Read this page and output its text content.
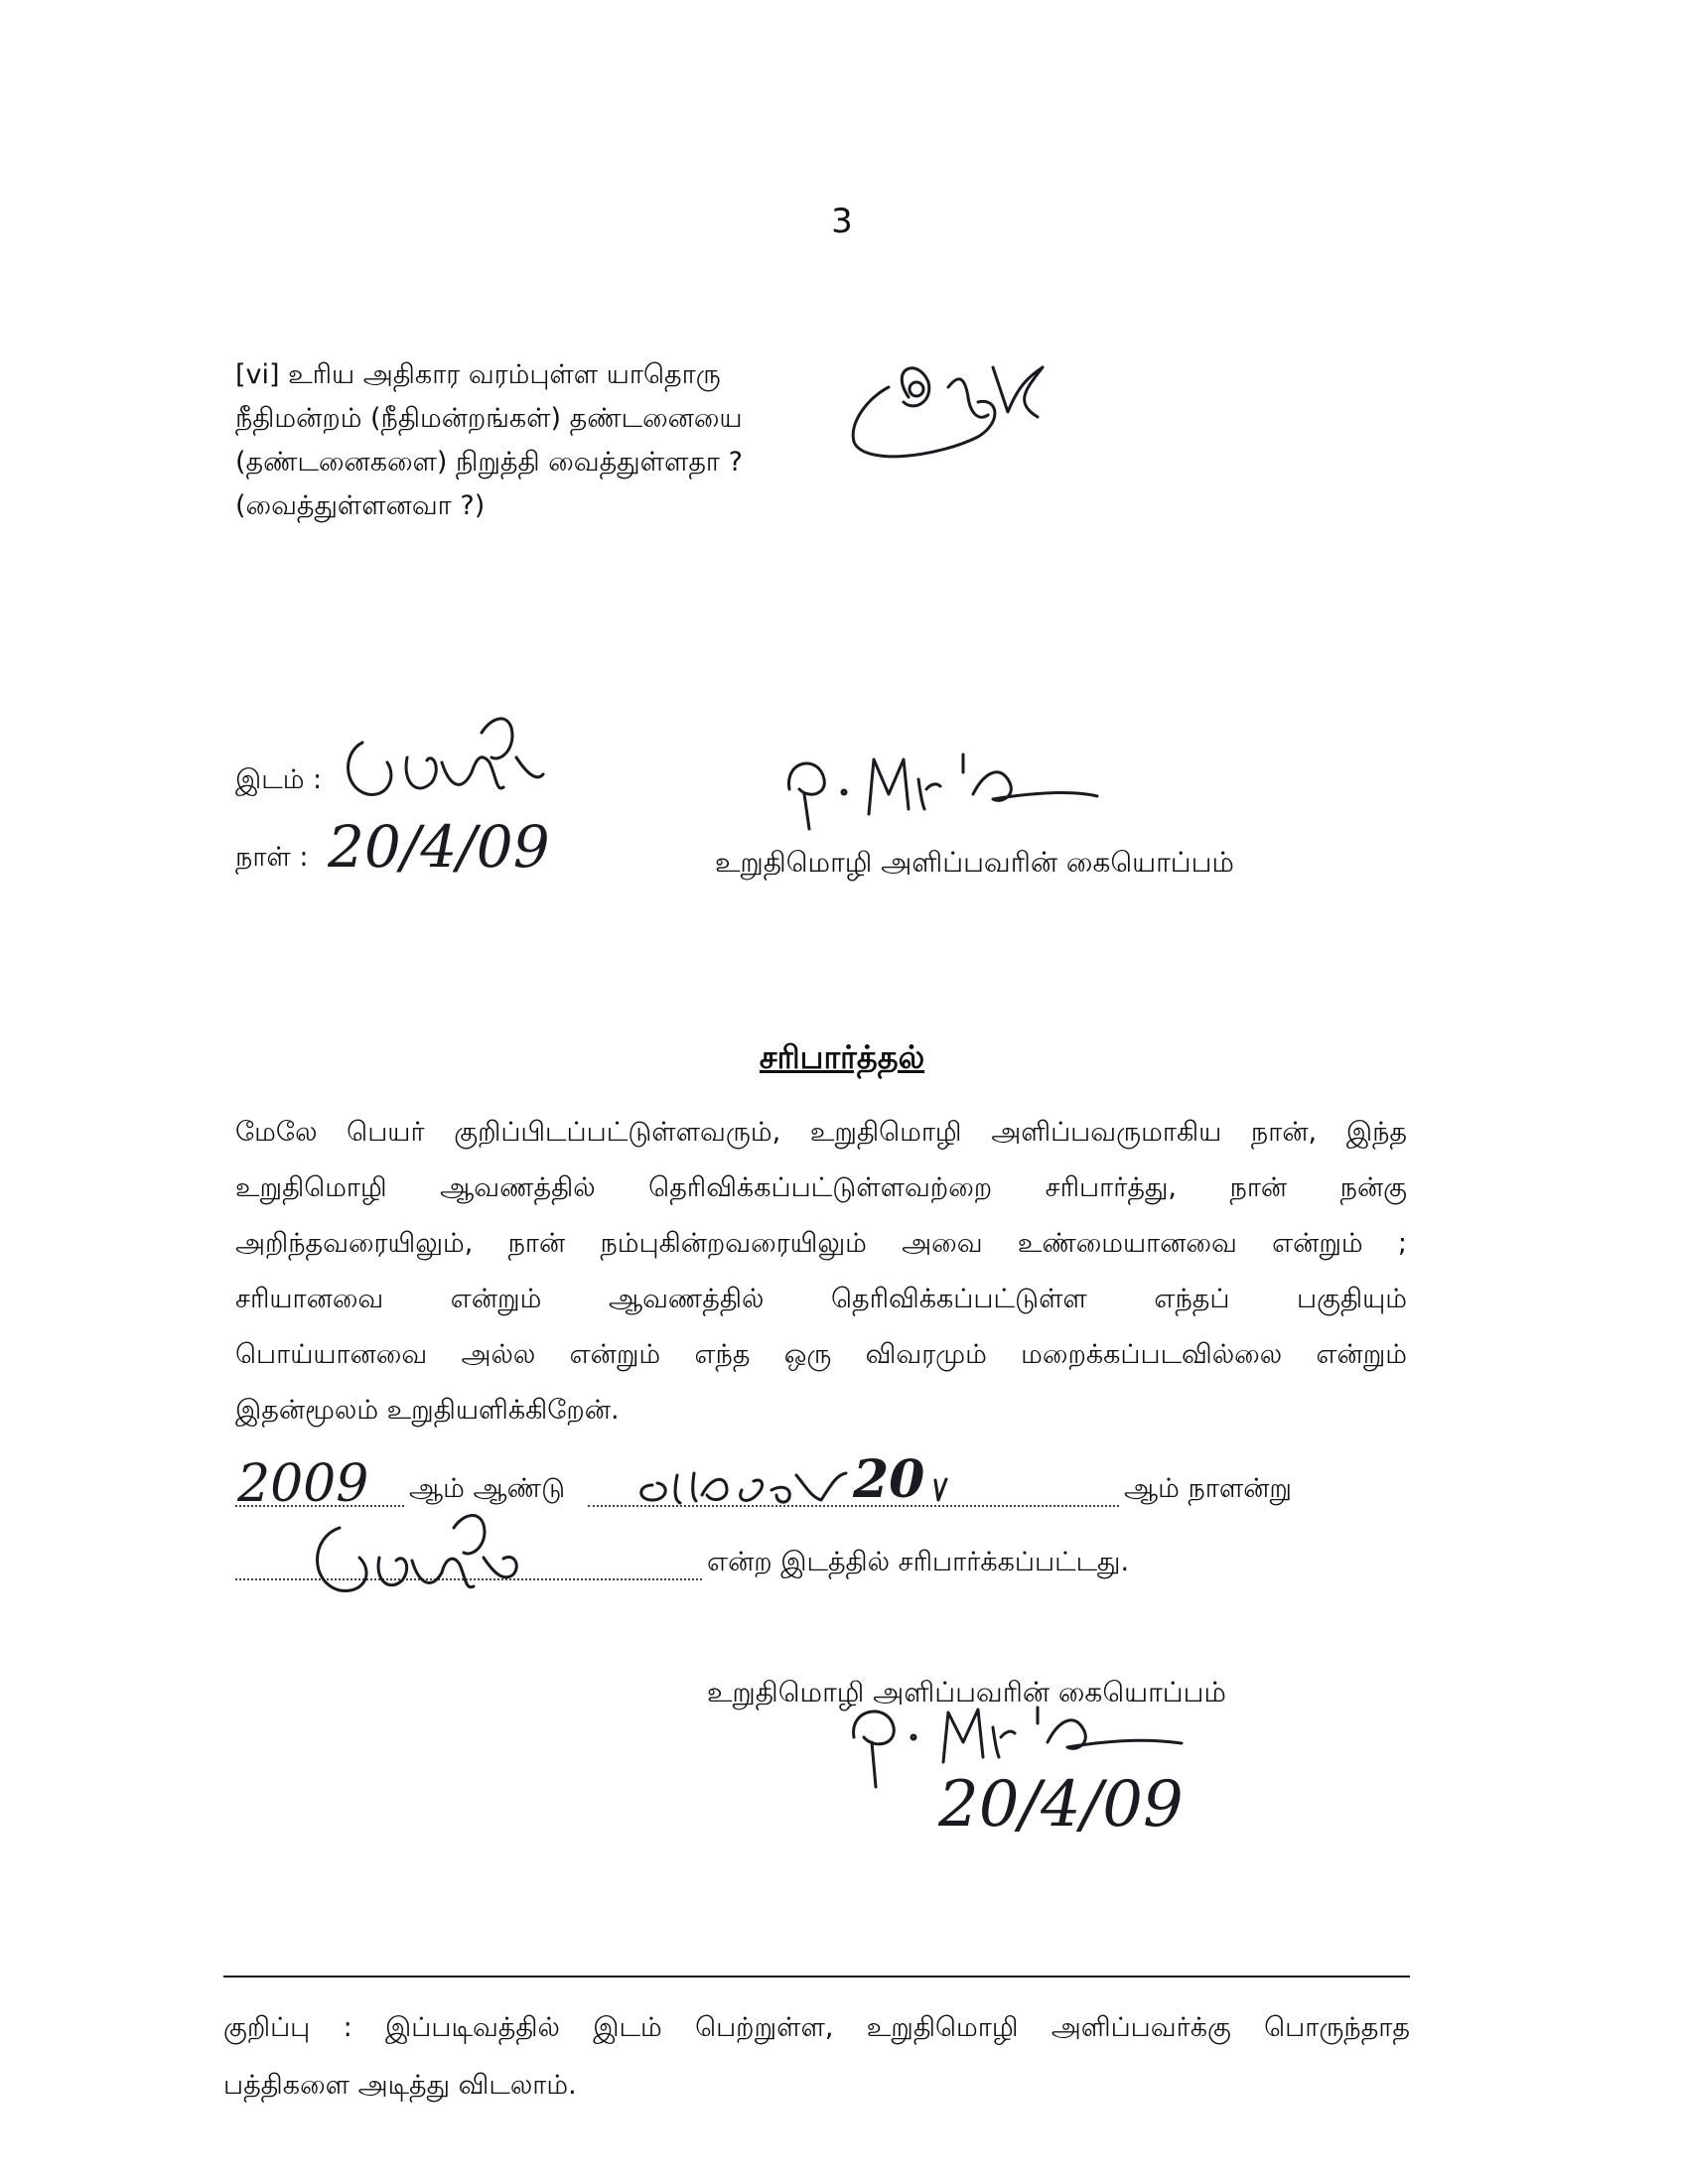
3
[vi] உரிய அதிகார வரம்புள்ள யாதொரு
நீதிமன்றம் (நீதிமன்றங்கள்) தண்டனையை
(தண்டனைகளை) நிறுத்தி வைத்துள்ளதா ?
(வைத்துள்ளனவா ?)
இடம் :
நாள் : 20/4/09	உறுதிமொழி அளிப்பவரின் கையொப்பம்
சரிபார்த்தல்
மேலே பெயர் குறிப்பிடப்பட்டுள்ளவரும், உறுதிமொழி அளிப்பவருமாகிய நான், இந்த
உறுதிமொழி ஆவணத்தில் தெரிவிக்கப்பட்டுள்ளவற்றை சரிபார்த்து, நான் நன்கு
அறிந்தவரையிலும், நான் நம்புகின்றவரையிலும் அவை உண்மையானவை என்றும் ;
சரியானவை என்றும் ஆவணத்தில் தெரிவிக்கப்பட்டுள்ள எந்தப் பகுதியும்
பொய்யானவை அல்ல என்றும் எந்த ஒரு விவரமும் மறைக்கப்படவில்லை என்றும்
இதன்மூலம் உறுதியளிக்கிறேன்.
2009 ஆம் ஆண்டு	20	ஆம் நாளன்று
என்ற இடத்தில் சரிபார்க்கப்பட்டது.
உறுதிமொழி அளிப்பவரின் கையொப்பம்
20/4/09
குறிப்பு : இப்படிவத்தில் இடம் பெற்றுள்ள, உறுதிமொழி அளிப்பவர்க்கு பொருந்தாத
பத்திகளை அடித்து விடலாம்.
